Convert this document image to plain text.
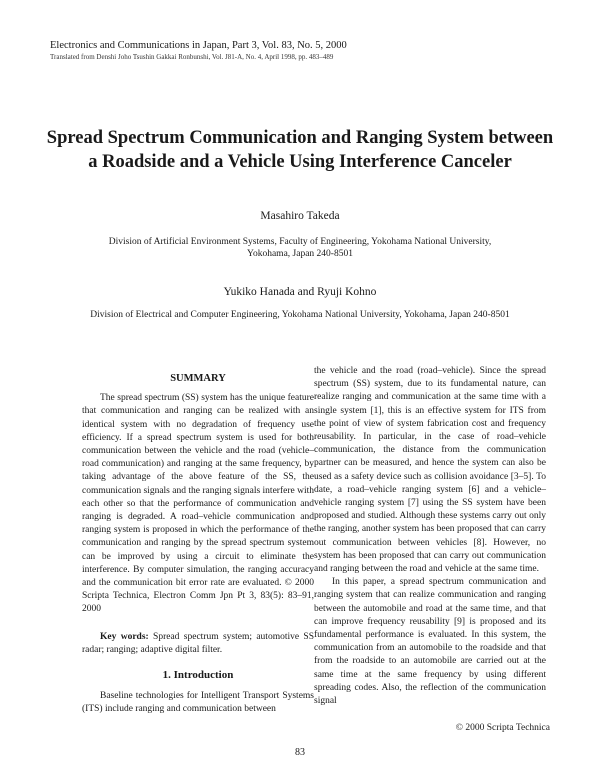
Electronics and Communications in Japan, Part 3, Vol. 83, No. 5, 2000
Translated from Denshi Joho Tsushin Gakkai Ronbunshi, Vol. J81-A, No. 4, April 1998, pp. 483–489
Spread Spectrum Communication and Ranging System between
a Roadside and a Vehicle Using Interference Canceler
Masahiro Takeda
Division of Artificial Environment Systems, Faculty of Engineering, Yokohama National University,
Yokohama, Japan 240-8501
Yukiko Hanada and Ryuji Kohno
Division of Electrical and Computer Engineering, Yokohama National University, Yokohama, Japan 240-8501
SUMMARY

The spread spectrum (SS) system has the unique feature that communication and ranging can be realized with an identical system with no degradation of frequency use efficiency. If a spread spectrum system is used for both communication between the vehicle and the road (vehicle–road communication) and ranging at the same frequency, by taking advantage of the above feature of the SS, the communication signals and the ranging signals interfere with each other so that the performance of communication and ranging is degraded. A road–vehicle communication and ranging system is proposed in which the performance of the communication and ranging by the spread spectrum system can be improved by using a circuit to eliminate the interference. By computer simulation, the ranging accuracy and the communication bit error rate are evaluated. © 2000 Scripta Technica, Electron Comm Jpn Pt 3, 83(5): 83–91, 2000

Key words: Spread spectrum system; automotive SS radar; ranging; adaptive digital filter.

1. Introduction

Baseline technologies for Intelligent Transport Systems (ITS) include ranging and communication between

the vehicle and the road (road–vehicle). Since the spread spectrum (SS) system, due to its fundamental nature, can realize ranging and communication at the same time with a single system [1], this is an effective system for ITS from the point of view of system fabrication cost and frequency reusability. In particular, in the case of road–vehicle communication, the distance from the communication partner can be measured, and hence the system can also be used as a safety device such as collision avoidance [3–5]. To date, a road–vehicle ranging system [6] and a vehicle–vehicle ranging system [7] using the SS system have been proposed and studied. Although these systems carry out only the ranging, another system has been proposed that can carry out communication between vehicles [8]. However, no system has been proposed that can carry out communication and ranging between the road and vehicle at the same time.

In this paper, a spread spectrum communication and ranging system that can realize communication and ranging between the automobile and road at the same time, and that can improve frequency reusability [9] is proposed and its fundamental performance is evaluated. In this system, the communication from an automobile to the roadside and that from the roadside to an automobile are carried out at the same time at the same frequency by using different spreading codes. Also, the reflection of the communication signal

© 2000 Scripta Technica
83
